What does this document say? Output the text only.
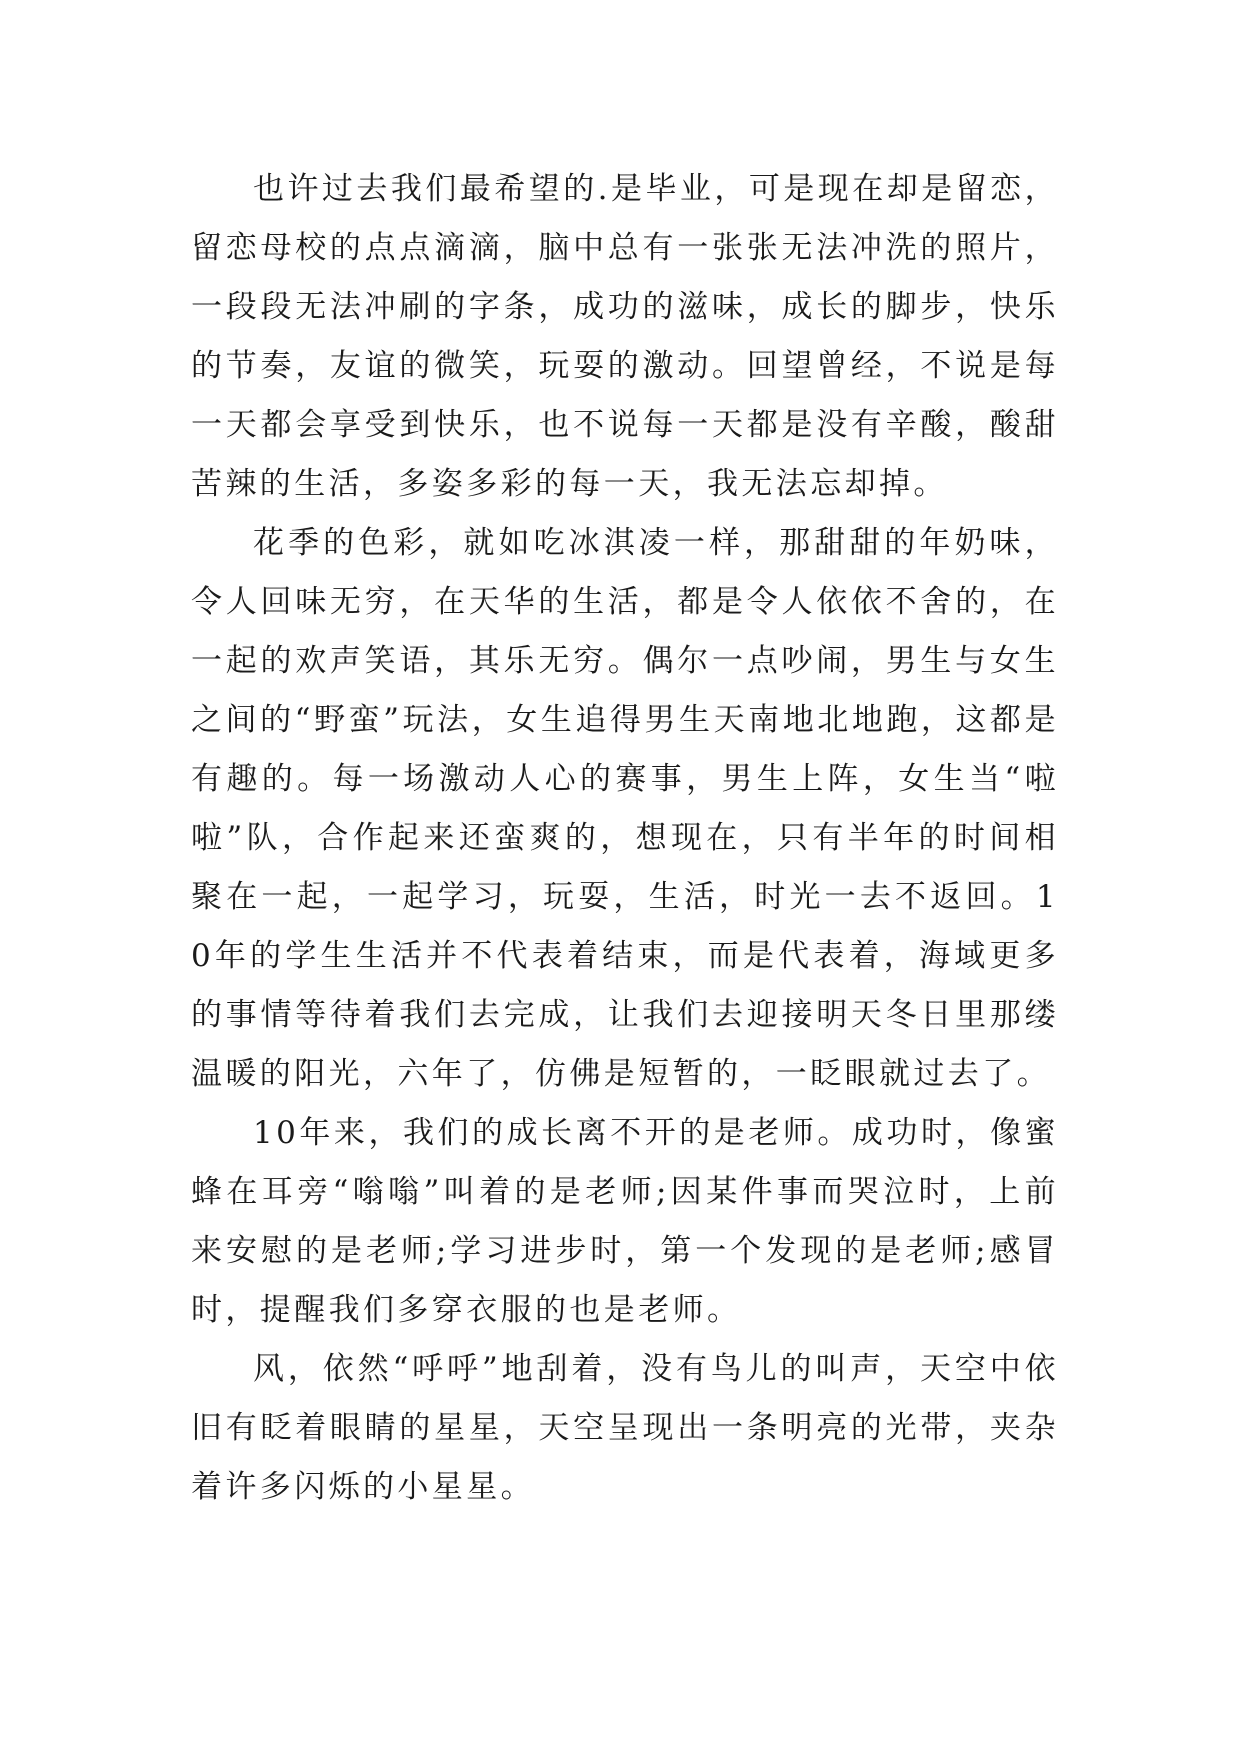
也许过去我们最希望的.是毕业，可是现在却是留恋，留恋母校的点点滴滴，脑中总有一张张无法冲洗的照片，一段段无法冲刷的字条，成功的滋味，成长的脚步，快乐的节奏，友谊的微笑，玩耍的激动。回望曾经，不说是每一天都会享受到快乐，也不说每一天都是没有辛酸，酸甜苦辣的生活，多姿多彩的每一天，我无法忘却掉。

花季的色彩，就如吃冰淇凌一样，那甜甜的年奶味，令人回味无穷，在天华的生活，都是令人依依不舍的，在一起的欢声笑语，其乐无穷。偶尔一点吵闹，男生与女生之间的“野蛮”玩法，女生追得男生天南地北地跑，这都是有趣的。每一场激动人心的赛事，男生上阵，女生当“啦啦”队，合作起来还蛮爽的，想现在，只有半年的时间相聚在一起，一起学习，玩耍，生活，时光一去不返回。10年的学生生活并不代表着结束，而是代表着，海域更多的事情等待着我们去完成，让我们去迎接明天冬日里那缕温暖的阳光，六年了，仿佛是短暂的，一眨眼就过去了。

10年来，我们的成长离不开的是老师。成功时，像蜜蜂在耳旁“嗡嗡”叫着的是老师;因某件事而哭泣时，上前来安慰的是老师;学习进步时，第一个发现的是老师;感冒时，提醒我们多穿衣服的也是老师。

风，依然“呼呼”地刮着，没有鸟儿的叫声，天空中依旧有眨着眼睛的星星，天空呈现出一条明亮的光带，夹杂着许多闪烁的小星星。
